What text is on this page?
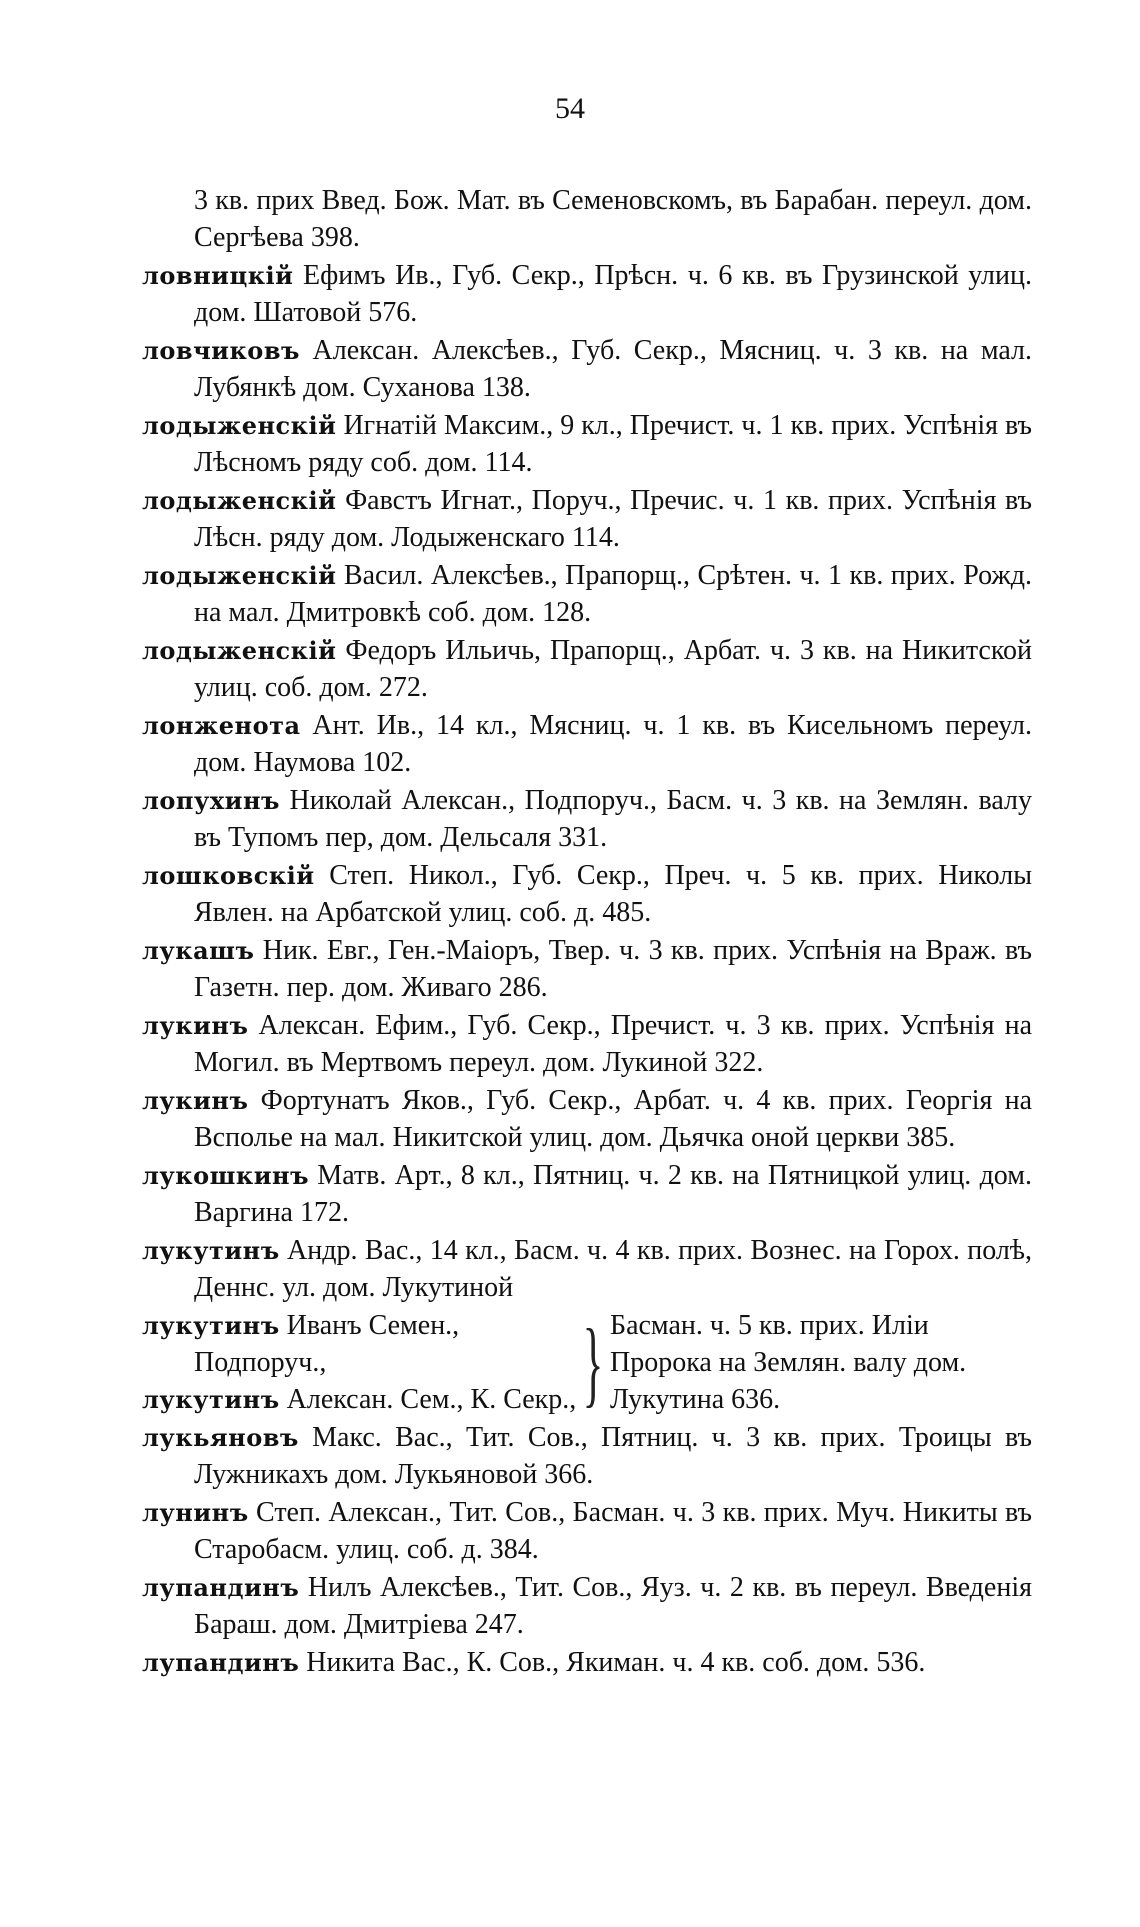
54

3 кв. прих Введ. Бож. Мат. въ Семеновскомъ, въ Барабан. переул. дом. Сергѣева 398.

ловницкiй Ефимъ Ив., Губ. Секр., Прѣсн. ч. 6 кв. въ Грузинской улиц. дом. Шатовой 576.

ловчиковъ Алексан. Алексѣев., Губ. Секр., Мясниц. ч. 3 кв. на мал. Лубянкѣ дом. Суханова 138.

лодыженскiй Игнатiй Максим., 9 кл., Пречист. ч. 1 кв. прих. Успѣнiя въ Лѣсномъ ряду соб. дом. 114.

лодыженскiй Фавстъ Игнат., Поруч., Пречис. ч. 1 кв. прих. Успѣнiя въ Лѣсн. ряду дом. Лодыженскаго 114.

лодыженскiй Васил. Алексѣев., Прапорщ., Срѣтен. ч. 1 кв. прих. Рожд. на мал. Дмитровкѣ соб. дом. 128.

лодыженскiй Федоръ Ильичь, Прапорщ., Арбат. ч. 3 кв. на Никитской улиц. соб. дом. 272.

лонженота Ант. Ив., 14 кл., Мясниц. ч. 1 кв. въ Кисельномъ переул. дом. Наумова 102.

лопухинъ Николай Алексан., Подпоруч., Басм. ч. 3 кв. на Землян. валу въ Тупомъ пер, дом. Дельсаля 331.

лошковскiй Степ. Никол., Губ. Секр., Преч. ч. 5 кв. прих. Николы Явлен. на Арбатской улиц. соб. д. 485.

лукашъ Ник. Евг., Ген.-Маiоръ, Твер. ч. 3 кв. прих. Успѣнiя на Враж. въ Газетн. пер. дом. Живаго 286.

лукинъ Алексан. Ефим., Губ. Секр., Пречист. ч. 3 кв. прих. Успѣнiя на Могил. въ Мертвомъ переул. дом. Лукиной 322.

лукинъ Фортунатъ Яков., Губ. Секр., Арбат. ч. 4 кв. прих. Георгiя на Всполье на мал. Никитской улиц. дом. Дьячка оной церкви 385.

лукошкинъ Матв. Арт., 8 кл., Пятниц. ч. 2 кв. на Пятницкой улиц. дом. Варгина 172.

лукутинъ Андр. Вас., 14 кл., Басм. ч. 4 кв. прих. Вознес. на Горох. полѣ, Деннс. ул. дом. Лукутиной

лукутинъ Иванъ Семен., Подпоруч.,
лукутинъ Алексан. Сем., К. Секр., } Басман. ч. 5 кв. прих. Илiи Пророка на Землян. валу дом. Лукутина 636.

лукьяновъ Макс. Вас., Тит. Сов., Пятниц. ч. 3 кв. прих. Троицы въ Лужникахъ дом. Лукьяновой 366.

лунинъ Степ. Алексан., Тит. Сов., Басман. ч. 3 кв. прих. Муч. Никиты въ Старобасм. улиц. соб. д. 384.

лупандинъ Нилъ Алексѣев., Тит. Сов., Яуз. ч. 2 кв. въ переул. Введенiя Бараш. дом. Дмитрiева 247.

лупандинъ Никита Вас., К. Сов., Якиман. ч. 4 кв. соб. дом. 536.
